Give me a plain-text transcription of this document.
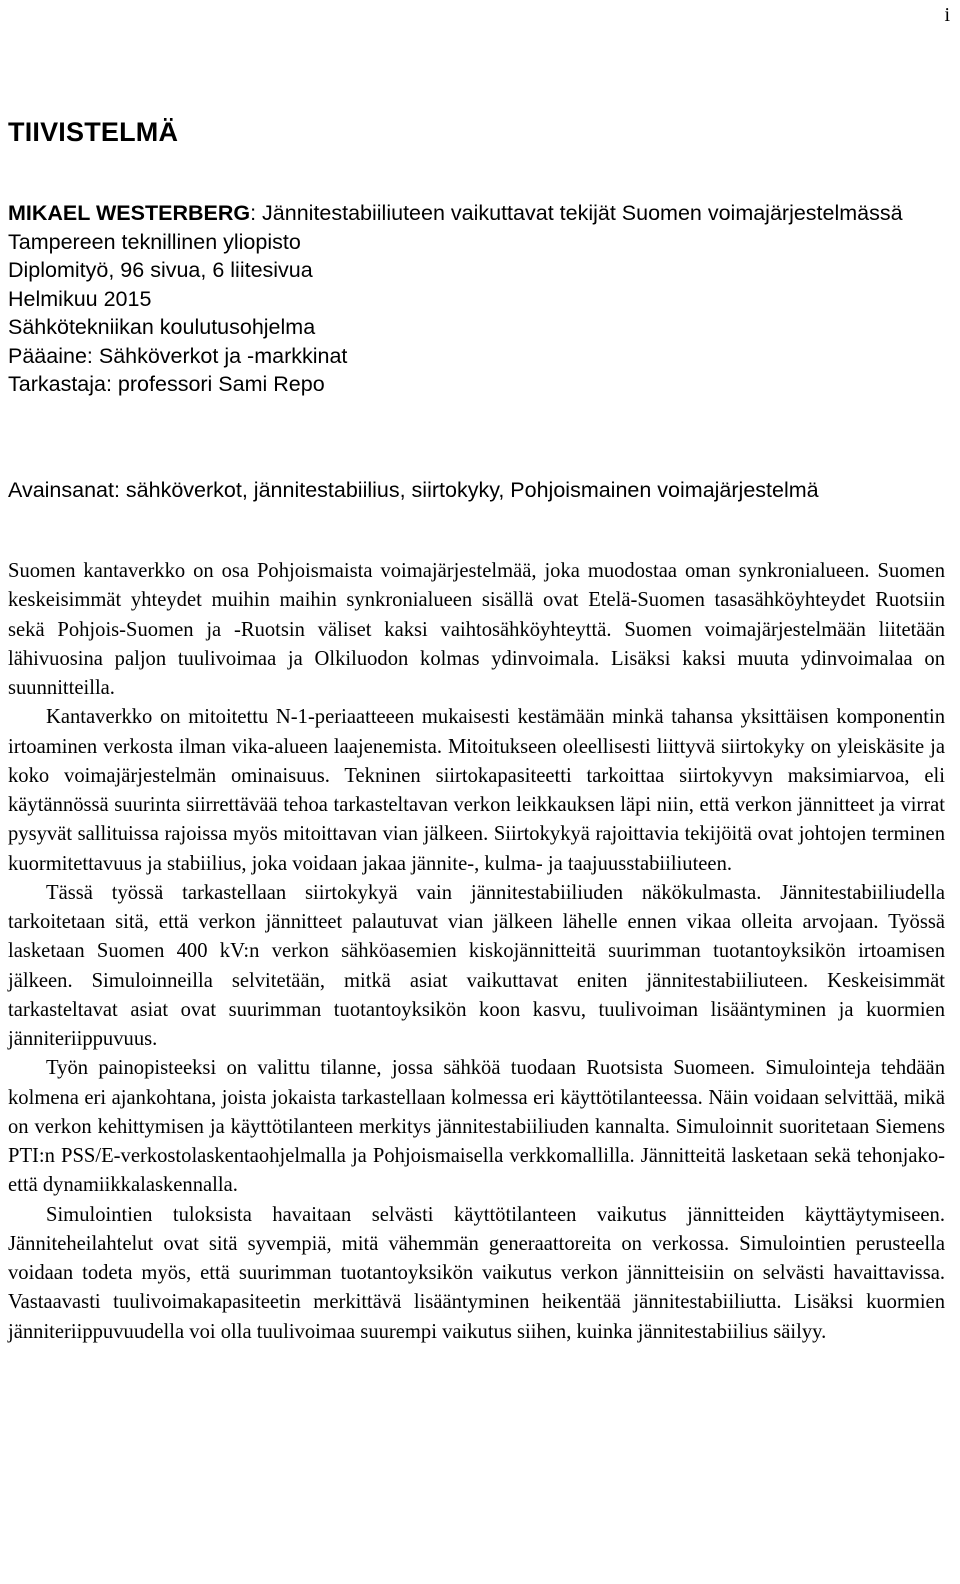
i
TIIVISTELMÄ
MIKAEL WESTERBERG: Jännitestabiiliuteen vaikuttavat tekijät Suomen voimajärjestelmässä
Tampereen teknillinen yliopisto
Diplomityö, 96 sivua, 6 liitesivua
Helmikuu 2015
Sähkötekniikan koulutusohjelma
Pääaine: Sähköverkot ja -markkinat
Tarkastaja: professori Sami Repo
Avainsanat: sähköverkot, jännitestabiilius, siirtokyky, Pohjoismainen voimajärjestelmä

Suomen kantaverkko on osa Pohjoismaista voimajärjestelmää, joka muodostaa oman synkronialueen. Suomen keskeisimmät yhteydet muihin maihin synkronialueen sisällä ovat Etelä-Suomen tasasähköyhteydet Ruotsiin sekä Pohjois-Suomen ja -Ruotsin väliset kaksi vaihtosähköyhteyttä. Suomen voimajärjestelmään liitetään lähivuosina paljon tuulivoimaa ja Olkiluodon kolmas ydinvoimala. Lisäksi kaksi muuta ydinvoimalaa on suunnitteilla.

Kantaverkko on mitoitettu N-1-periaatteeen mukaisesti kestämään minkä tahansa yksittäisen komponentin irtoaminen verkosta ilman vika-alueen laajenemista. Mitoitukseen oleellisesti liittyvä siirtokyky on yleiskäsite ja koko voimajärjestelmän ominaisuus. Tekninen siirtokapasiteetti tarkoittaa siirtokyvyn maksimiarvoa, eli käytännössä suurinta siirrettävää tehoa tarkasteltavan verkon leikkauksen läpi niin, että verkon jännitteet ja virrat pysyvät sallituissa rajoissa myös mitoittavan vian jälkeen. Siirtokykyä rajoittavia tekijöitä ovat johtojen terminen kuormitettavuus ja stabiilius, joka voidaan jakaa jännite-, kulma- ja taajuusstabiiliuteen.

Tässä työssä tarkastellaan siirtokykyä vain jännitestabiiliuden näkökulmasta. Jännitestabiiliudella tarkoitetaan sitä, että verkon jännitteet palautuvat vian jälkeen lähelle ennen vikaa olleita arvojaan. Työssä lasketaan Suomen 400 kV:n verkon sähköasemien kiskojännitteitä suurimman tuotantoyksikön irtoamisen jälkeen. Simuloinneilla selvitetään, mitkä asiat vaikuttavat eniten jännitestabiiliuteen. Keskeisimmät tarkasteltavat asiat ovat suurimman tuotantoyksikön koon kasvu, tuulivoiman lisääntyminen ja kuormien jänniteriippuvuus.

Työn painopisteeksi on valittu tilanne, jossa sähköä tuodaan Ruotsista Suomeen. Simulointeja tehdään kolmena eri ajankohtana, joista jokaista tarkastellaan kolmessa eri käyttötilanteessa. Näin voidaan selvittää, mikä on verkon kehittymisen ja käyttötilanteen merkitys jännitestabiiliuden kannalta. Simuloinnit suoritetaan Siemens PTI:n PSS/E-verkostolaskentaohjelmalla ja Pohjoismaisella verkkomallilla. Jännitteitä lasketaan sekä tehonjako- että dynamiikkalaskennalla.

Simulointien tuloksista havaitaan selvästi käyttötilanteen vaikutus jännitteiden käyttäytymiseen. Jänniteheilahtelut ovat sitä syvempiä, mitä vähemmän generaattoreita on verkossa. Simulointien perusteella voidaan todeta myös, että suurimman tuotantoyksikön vaikutus verkon jännitteisiin on selvästi havaittavissa. Vastaavasti tuulivoimakapasiteetin merkittävä lisääntyminen heikentää jännitestabiiliutta. Lisäksi kuormien jänniteriippuvuudella voi olla tuulivoimaa suurempi vaikutus siihen, kuinka jännitestabiilius säilyy.
